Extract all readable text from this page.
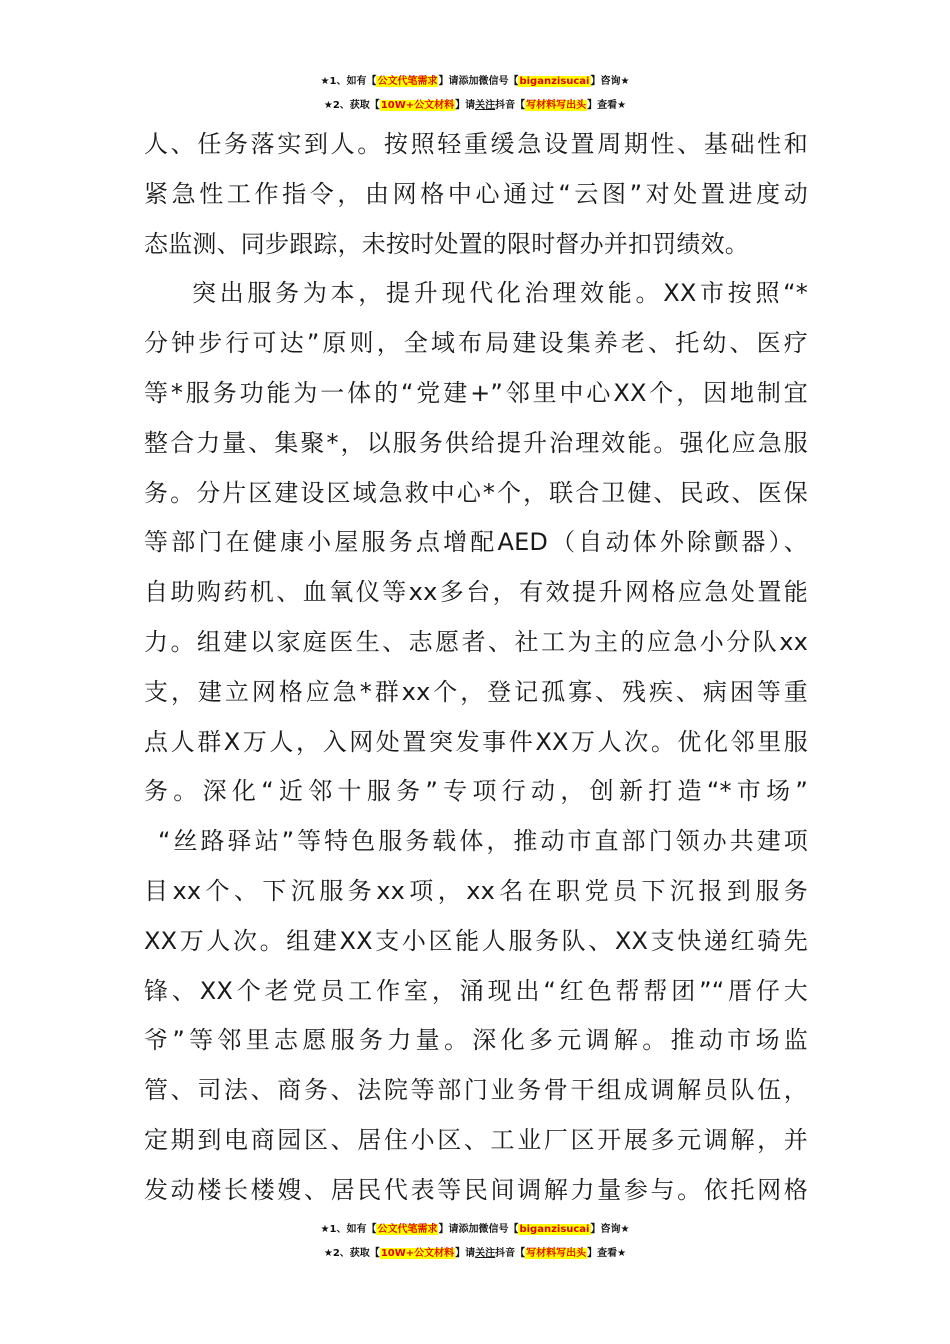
★1、如有【公文代笔需求】请添加微信号【biganzisucai】咨询★
★2、获取【10W+公文材料】请关注抖音【写材料写出头】查看★
人、任务落实到人。按照轻重缓急设置周期性、基础性和
紧急性工作指令，由网格中心通过“云图”对处置进度动
态监测、同步跟踪，未按时处置的限时督办并扣罚绩效。
突出服务为本，提升现代化治理效能。XX市按照“*
分钟步行可达”原则，全域布局建设集养老、托幼、医疗
等*服务功能为一体的“党建+”邻里中心XX个，因地制宜
整合力量、集聚*，以服务供给提升治理效能。强化应急服
务。分片区建设区域急救中心*个，联合卫健、民政、医保
等部门在健康小屋服务点增配AED（自动体外除颤器）、
自助购药机、血氧仪等xx多台，有效提升网格应急处置能
力。组建以家庭医生、志愿者、社工为主的应急小分队xx
支，建立网格应急*群xx个，登记孤寡、残疾、病困等重
点人群X万人，入网处置突发事件XX万人次。优化邻里服
务。深化“近邻十服务”专项行动，创新打造“*市场”
“丝路驿站”等特色服务载体，推动市直部门领办共建项
目xx个、下沉服务xx项，xx名在职党员下沉报到服务
XX万人次。组建XX支小区能人服务队、XX支快递红骑先
锋、XX个老党员工作室，涌现出“红色帮帮团”“厝仔大
爷”等邻里志愿服务力量。深化多元调解。推动市场监
管、司法、商务、法院等部门业务骨干组成调解员队伍，
定期到电商园区、居住小区、工业厂区开展多元调解，并
发动楼长楼嫂、居民代表等民间调解力量参与。依托网格
★1、如有【公文代笔需求】请添加微信号【biganzisucai】咨询★
★2、获取【10W+公文材料】请关注抖音【写材料写出头】查看★
